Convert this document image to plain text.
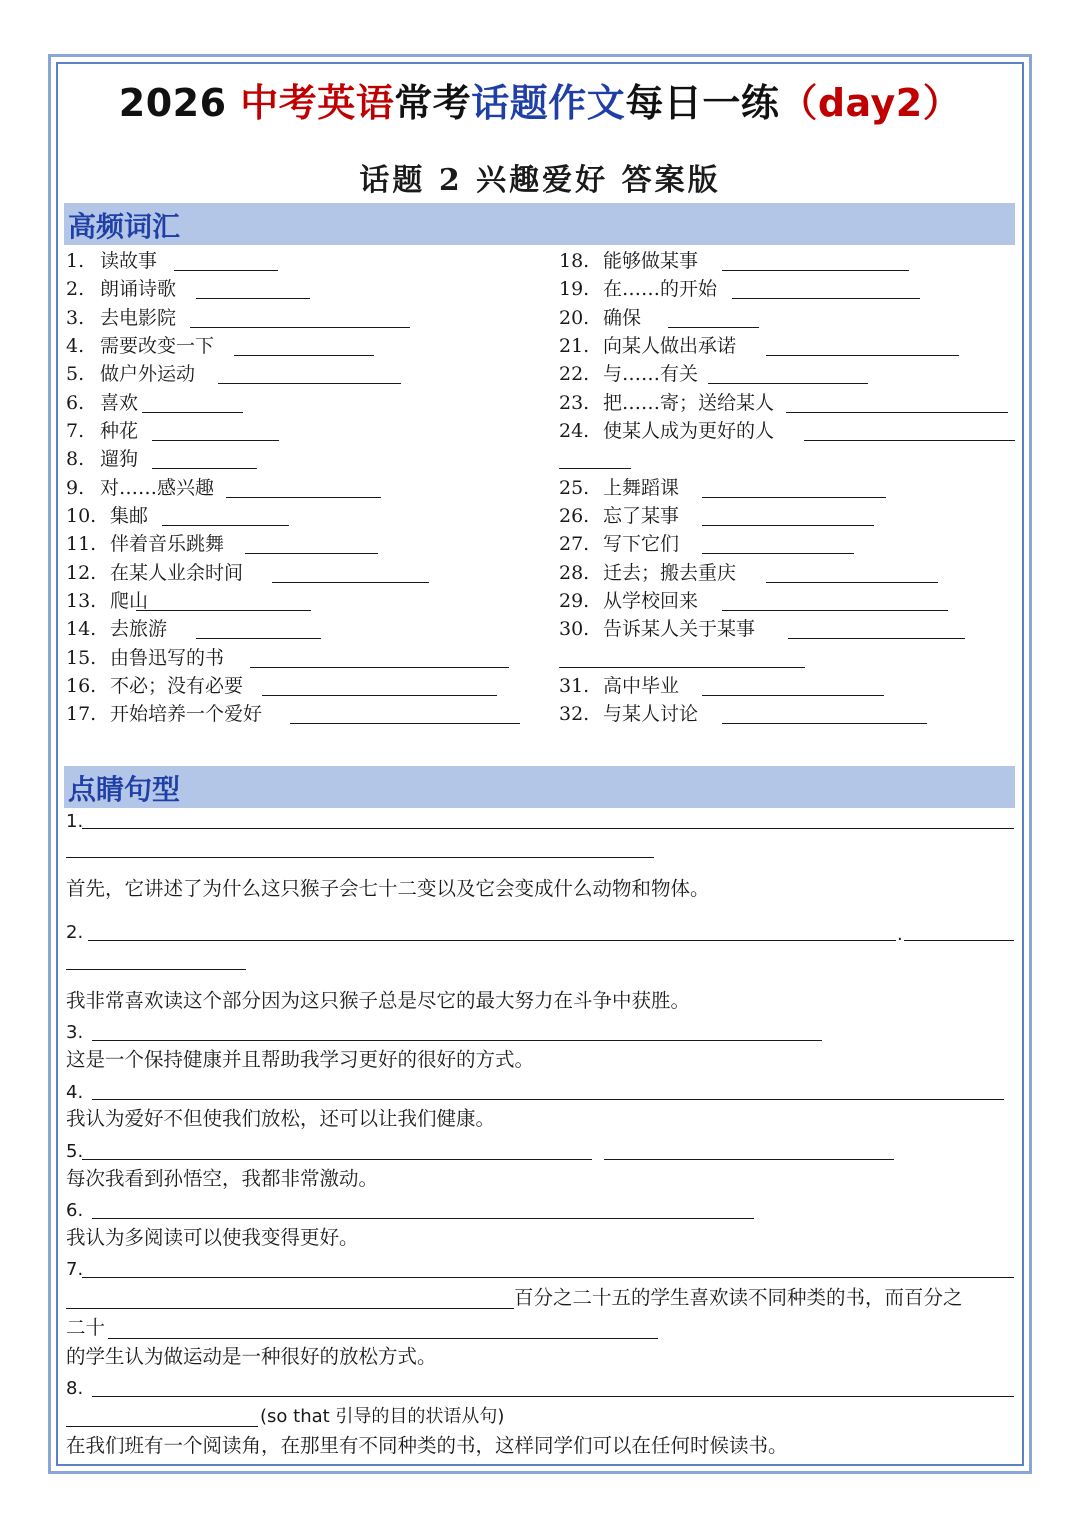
2026 中考英语常考话题作文每日一练（day2）
话题 2 兴趣爱好 答案版
高频词汇
1. 读故事
2. 朗诵诗歌
3. 去电影院
4. 需要改变一下
5. 做户外运动
6. 喜欢
7. 种花
8. 遛狗
9. 对……感兴趣
10. 集邮
11. 伴着音乐跳舞
12. 在某人业余时间
13. 爬山
14. 去旅游
15. 由鲁迅写的书
16. 不必；没有必要
17. 开始培养一个爱好
18. 能够做某事
19. 在……的开始
20. 确保
21. 向某人做出承诺
22. 与……有关
23. 把……寄；送给某人
24. 使某人成为更好的人
25. 上舞蹈课
26. 忘了某事
27. 写下它们
28. 迁去；搬去重庆
29. 从学校回来
30. 告诉某人关于某事
31. 高中毕业
32. 与某人讨论
点睛句型
1.
首先，它讲述了为什么这只猴子会七十二变以及它会变成什么动物和物体。
2.	.
我非常喜欢读这个部分因为这只猴子总是尽它的最大努力在斗争中获胜。
3.
这是一个保持健康并且帮助我学习更好的很好的方式。
4.
我认为爱好不但使我们放松，还可以让我们健康。
5.
每次我看到孙悟空，我都非常激动。
6.
我认为多阅读可以使我变得更好。
7.
百分之二十五的学生喜欢读不同种类的书，而百分之
二十
的学生认为做运动是一种很好的放松方式。
8.
(so that 引导的目的状语从句)
在我们班有一个阅读角，在那里有不同种类的书，这样同学们可以在任何时候读书。
